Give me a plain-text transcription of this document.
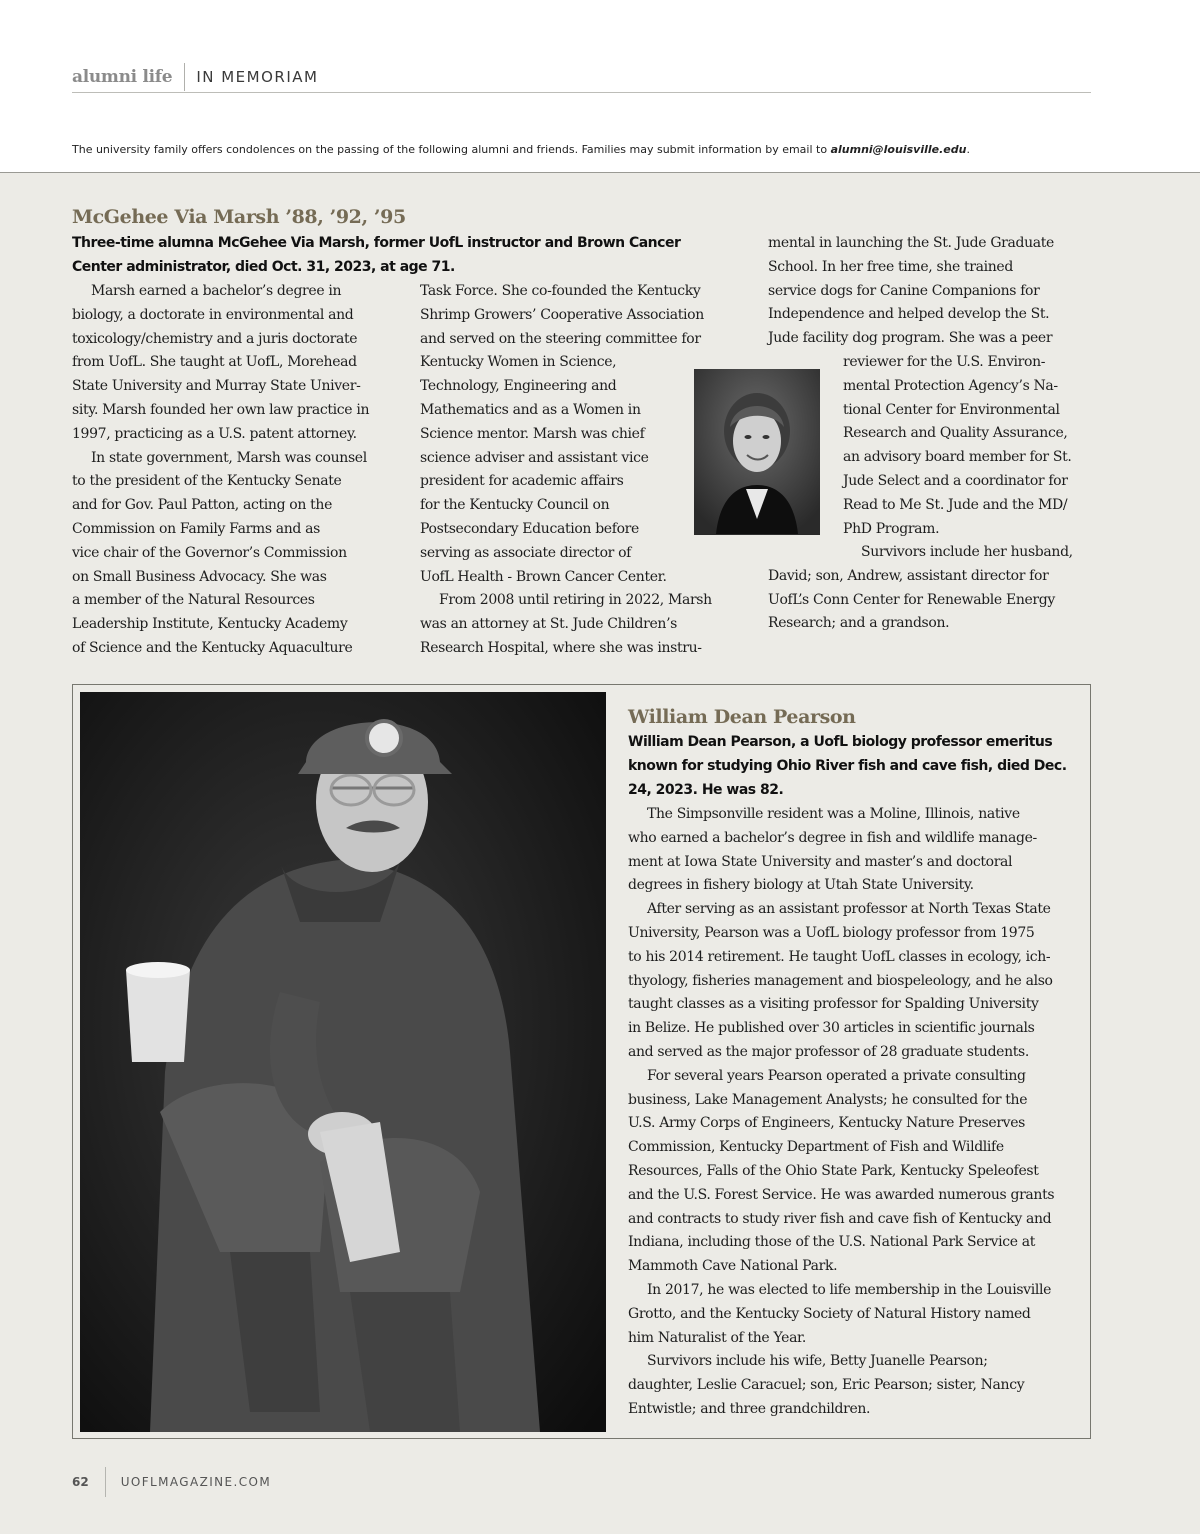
alumni life	IN MEMORIAM
The university family offers condolences on the passing of the following alumni and friends. Families may submit information by email to alumni@louisville.edu.
McGehee Via Marsh ’88, ’92, ’95
Three-time alumna McGehee Via Marsh, former UofL instructor and Brown Cancer
Center administrator, died Oct. 31, 2023, at age 71.
Marsh earned a bachelor’s degree in
biology, a doctorate in environmental and
toxicology/chemistry and a juris doctorate
from UofL. She taught at UofL, Morehead
State University and Murray State Univer-
sity. Marsh founded her own law practice in
1997, practicing as a U.S. patent attorney.
In state government, Marsh was counsel
to the president of the Kentucky Senate
and for Gov. Paul Patton, acting on the
Commission on Family Farms and as
vice chair of the Governor’s Commission
on Small Business Advocacy. She was
a member of the Natural Resources
Leadership Institute, Kentucky Academy
of Science and the Kentucky Aquaculture
Task Force. She co-founded the Kentucky
Shrimp Growers’ Cooperative Association
and served on the steering committee for
Kentucky Women in Science,
Technology, Engineering and
Mathematics and as a Women in
Science mentor. Marsh was chief
science adviser and assistant vice
president for academic affairs
for the Kentucky Council on
Postsecondary Education before
serving as associate director of
UofL Health - Brown Cancer Center.
From 2008 until retiring in 2022, Marsh
was an attorney at St. Jude Children’s
Research Hospital, where she was instru-
mental in launching the St. Jude Graduate
School. In her free time, she trained
service dogs for Canine Companions for
Independence and helped develop the St.
Jude facility dog program. She was a peer
reviewer for the U.S. Environ-
mental Protection Agency’s Na-
tional Center for Environmental
Research and Quality Assurance,
an advisory board member for St.
Jude Select and a coordinator for
Read to Me St. Jude and the MD/
PhD Program.
Survivors include her husband,
David; son, Andrew, assistant director for
UofL’s Conn Center for Renewable Energy
Research; and a grandson.
William Dean Pearson
William Dean Pearson, a UofL biology professor emeritus
known for studying Ohio River fish and cave fish, died Dec.
24, 2023. He was 82.
The Simpsonville resident was a Moline, Illinois, native
who earned a bachelor’s degree in fish and wildlife manage-
ment at Iowa State University and master’s and doctoral
degrees in fishery biology at Utah State University.
After serving as an assistant professor at North Texas State
University, Pearson was a UofL biology professor from 1975
to his 2014 retirement. He taught UofL classes in ecology, ich-
thyology, fisheries management and biospeleology, and he also
taught classes as a visiting professor for Spalding University
in Belize. He published over 30 articles in scientific journals
and served as the major professor of 28 graduate students.
For several years Pearson operated a private consulting
business, Lake Management Analysts; he consulted for the
U.S. Army Corps of Engineers, Kentucky Nature Preserves
Commission, Kentucky Department of Fish and Wildlife
Resources, Falls of the Ohio State Park, Kentucky Speleofest
and the U.S. Forest Service. He was awarded numerous grants
and contracts to study river fish and cave fish of Kentucky and
Indiana, including those of the U.S. National Park Service at
Mammoth Cave National Park.
In 2017, he was elected to life membership in the Louisville
Grotto, and the Kentucky Society of Natural History named
him Naturalist of the Year.
Survivors include his wife, Betty Juanelle Pearson;
daughter, Leslie Caracuel; son, Eric Pearson; sister, Nancy
Entwistle; and three grandchildren.
62	UOFLMAGAZINE.COM
